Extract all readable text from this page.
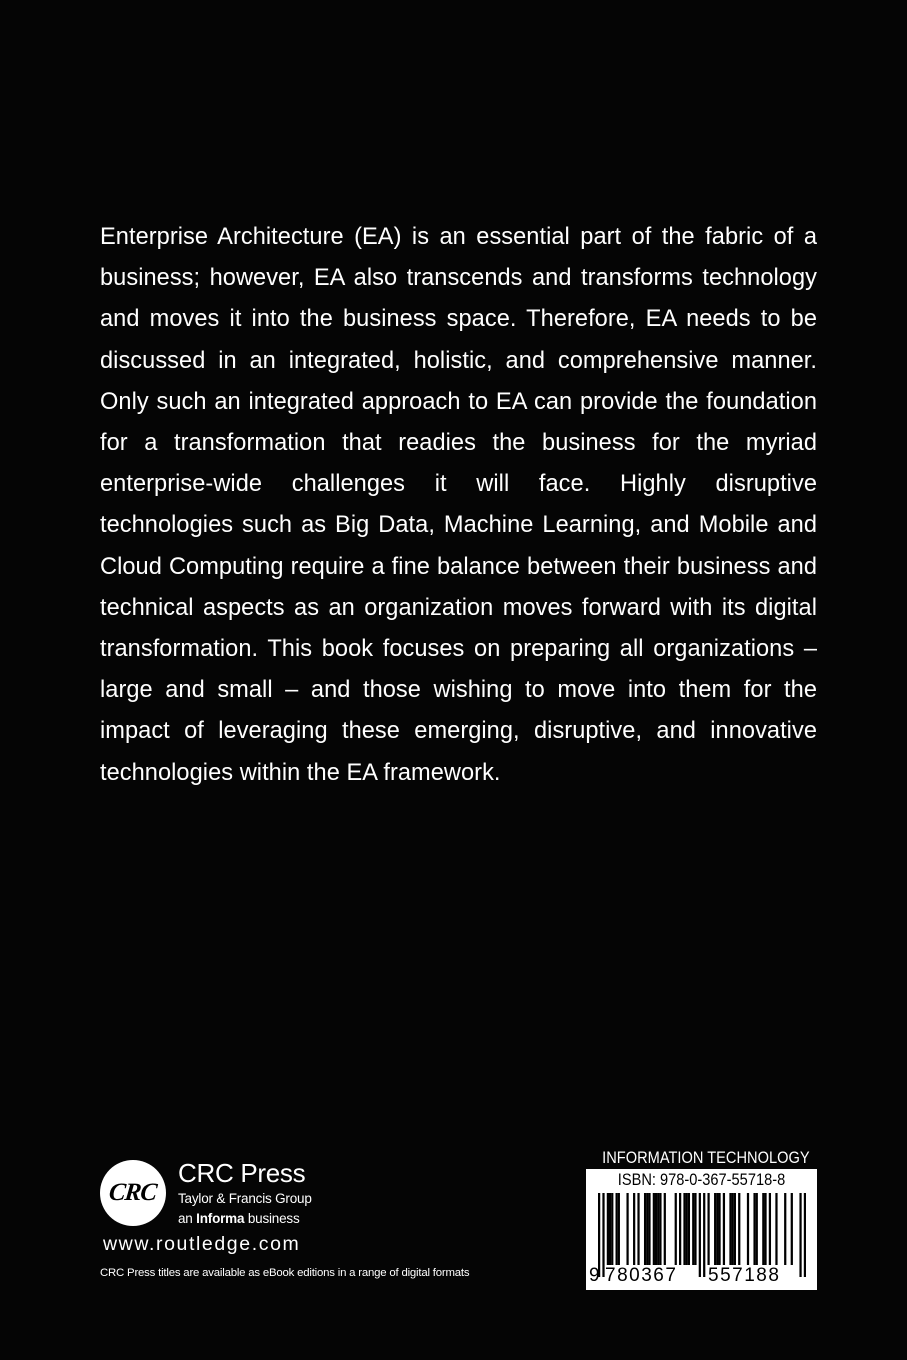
Enterprise Architecture (EA) is an essential part of the fabric of a business; however, EA also transcends and transforms technology and moves it into the business space. Therefore, EA needs to be discussed in an integrated, holistic, and comprehensive manner. Only such an integrated approach to EA can provide the foundation for a transformation that readies the business for the myriad enterprise-wide challenges it will face. Highly disruptive technologies such as Big Data, Machine Learning, and Mobile and Cloud Computing require a fine balance between their business and technical aspects as an organization moves forward with its digital transformation. This book focuses on preparing all organizations – large and small – and those wishing to move into them for the impact of leveraging these emerging, disruptive, and innovative technologies within the EA framework.

CRC
CRC Press
Taylor & Francis Group
an Informa business
www.routledge.com
CRC Press titles are available as eBook editions in a range of digital formats
INFORMATION TECHNOLOGY
ISBN: 978-0-367-55718-8
9 780367 557188
